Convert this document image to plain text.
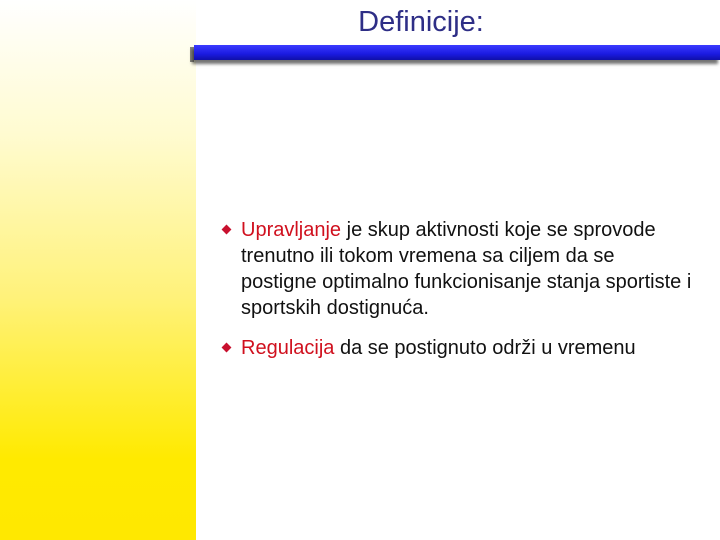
Definicije:
Upravljanje je skup aktivnosti koje se sprovode trenutno ili tokom vremena sa ciljem da se postigne optimalno funkcionisanje stanja sportiste i sportskih dostignuća.
Regulacija da se postignuto održi u vremenu
